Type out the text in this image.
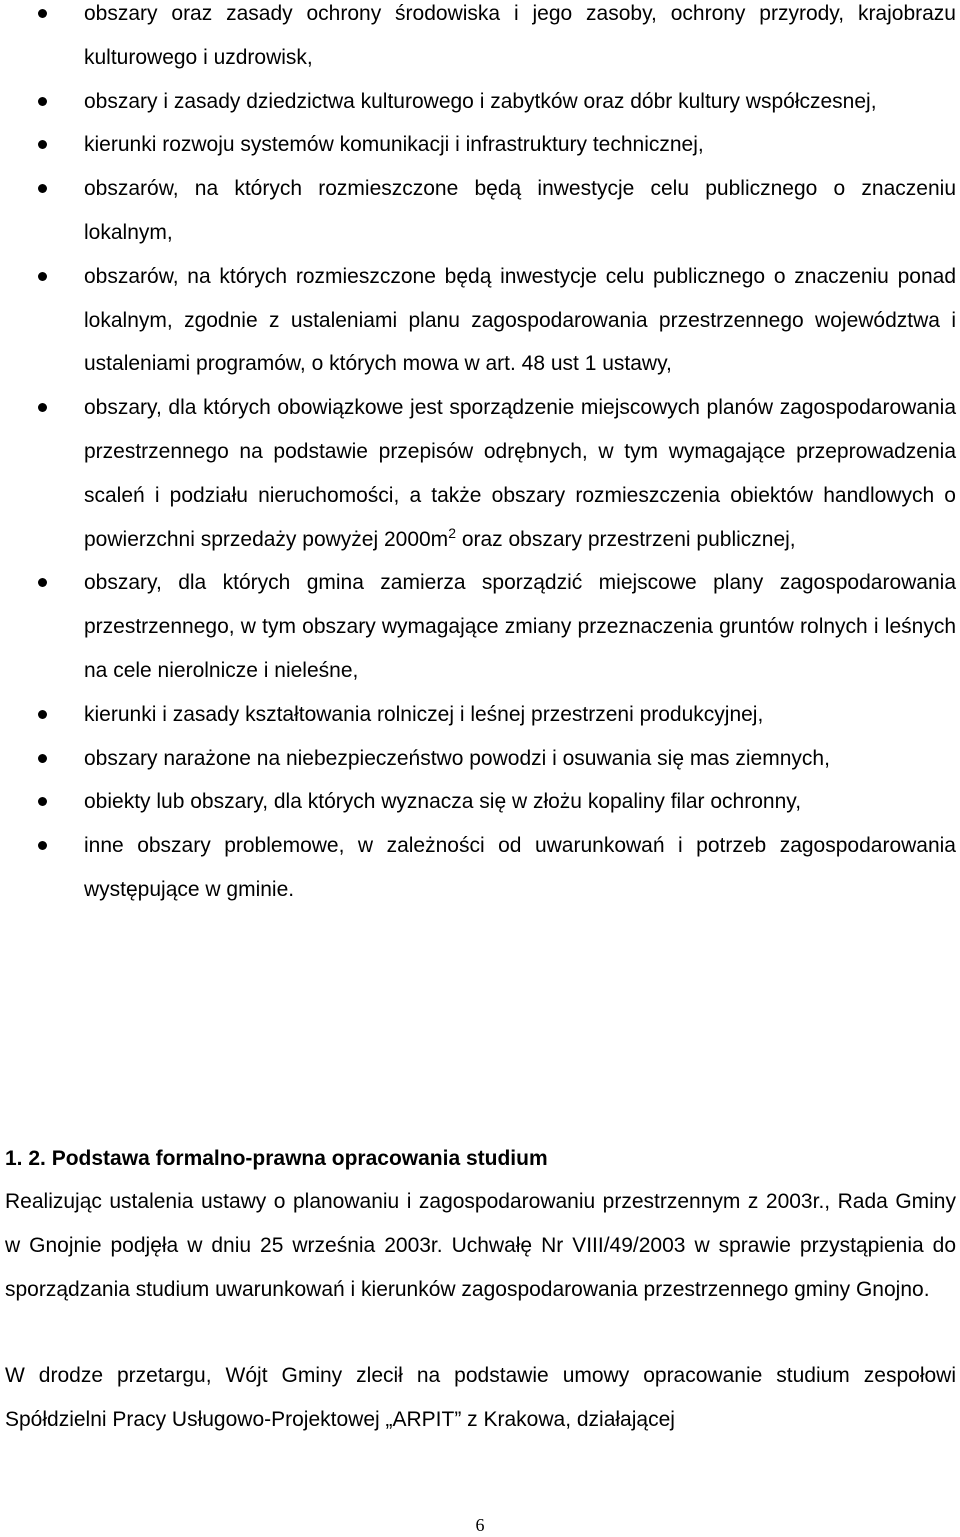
obszary oraz zasady ochrony środowiska i jego zasoby, ochrony przyrody, krajobrazu kulturowego i uzdrowisk,
obszary i zasady dziedzictwa kulturowego i zabytków oraz dóbr kultury współczesnej,
kierunki rozwoju systemów komunikacji i infrastruktury technicznej,
obszarów, na których rozmieszczone będą inwestycje celu publicznego o znaczeniu lokalnym,
obszarów, na których rozmieszczone będą inwestycje celu publicznego o znaczeniu ponad lokalnym, zgodnie z ustaleniami planu zagospodarowania przestrzennego województwa i ustaleniami programów, o których mowa w art. 48 ust 1 ustawy,
obszary, dla których obowiązkowe jest sporządzenie miejscowych planów zagospodarowania przestrzennego na podstawie przepisów odrębnych, w tym wymagające przeprowadzenia scaleń i podziału nieruchomości, a także obszary rozmieszczenia obiektów handlowych o powierzchni sprzedaży powyżej $2000m^2$ oraz obszary przestrzeni publicznej,
obszary, dla których gmina zamierza sporządzić miejscowe plany zagospodarowania przestrzennego, w tym obszary wymagające zmiany przeznaczenia gruntów rolnych i leśnych na cele nierolnicze i nieleśne,
kierunki i zasady kształtowania rolniczej i leśnej przestrzeni produkcyjnej,
obszary narażone na niebezpieczeństwo powodzi i osuwania się mas ziemnych,
obiekty lub obszary, dla których wyznacza się w złożu kopaliny filar ochronny,
inne obszary problemowe, w zależności od uwarunkowań i potrzeb zagospodarowania występujące w gminie.
1. 2. Podstawa formalno-prawna opracowania studium

Realizując ustalenia ustawy o planowaniu i zagospodarowaniu przestrzennym z 2003r., Rada Gminy w Gnojnie podjęła w dniu 25 września 2003r. Uchwałę Nr VIII/49/2003 w sprawie przystąpienia do sporządzania studium uwarunkowań i kierunków zagospodarowania przestrzennego gminy Gnojno.

W drodze przetargu, Wójt Gminy zlecił na podstawie umowy opracowanie studium zespołowi Spółdzielni Pracy Usługowo-Projektowej „ARPIT” z Krakowa, działającej

6
